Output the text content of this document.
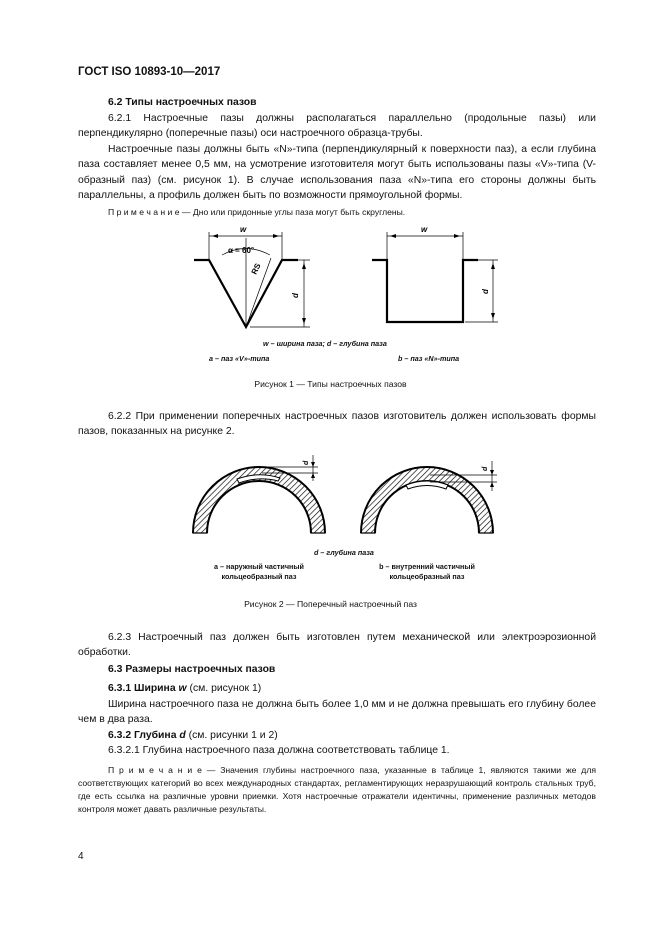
ГОСТ ISO 10893-10—2017
6.2 Типы настроечных пазов
6.2.1 Настроечные пазы должны располагаться параллельно (продольные пазы) или перпендикулярно (поперечные пазы) оси настроечного образца-трубы.
Настроечные пазы должны быть «N»-типа (перпендикулярный к поверхности паз), а если глубина паза составляет менее 0,5 мм, на усмотрение изготовителя могут быть использованы пазы «V»-типа (V-образный паз) (см. рисунок 1). В случае использования паза «N»-типа его стороны должны быть параллельны, а профиль должен быть по возможности прямоугольной формы.
П р и м е ч а н и е — Дно или придонные углы паза могут быть скруглены.
w
α = 60°
RS
d
w
d
w – ширина паза; d – глубина паза
a – паз «V»-типа	b – паз «N»-типа
Рисунок 1 — Типы настроечных пазов
6.2.2 При применении поперечных настроечных пазов изготовитель должен использовать формы пазов, показанных на рисунке 2.
d
d
d – глубина паза
a – наружный частичный
кольцеобразный паз
b – внутренний частичный
кольцеобразный паз
Рисунок 2 — Поперечный настроечный паз
6.2.3 Настроечный паз должен быть изготовлен путем механической или электроэрозионной обработки.
6.3 Размеры настроечных пазов
6.3.1 Ширина w (см. рисунок 1)
Ширина настроечного паза не должна быть более 1,0 мм и не должна превышать его глубину более чем в два раза.
6.3.2 Глубина d (см. рисунки 1 и 2)
6.3.2.1 Глубина настроечного паза должна соответствовать таблице 1.
П р и м е ч а н и е — Значения глубины настроечного паза, указанные в таблице 1, являются такими же для соответствующих категорий во всех международных стандартах, регламентирующих неразрушающий контроль стальных труб, где есть ссылка на различные уровни приемки. Хотя настроечные отражатели идентичны, применение различных методов контроля может давать различные результаты.
4
